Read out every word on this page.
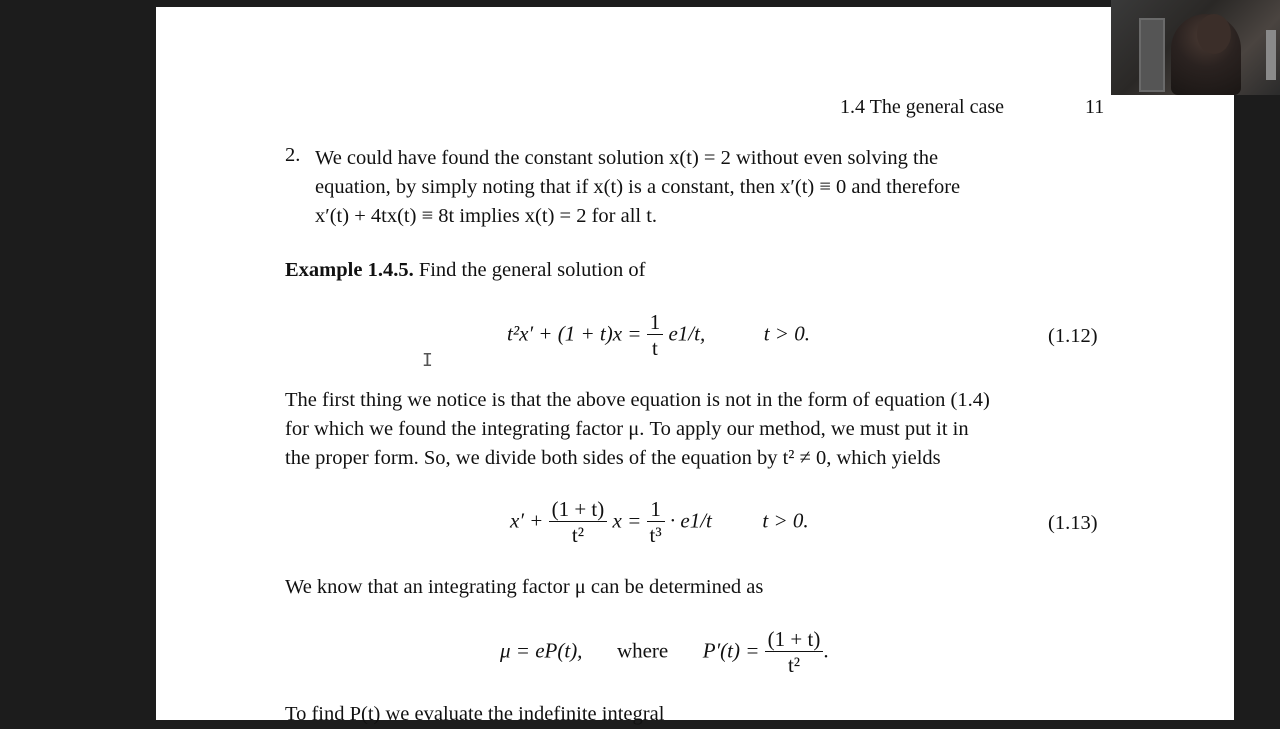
1.4 The general case	11
2. We could have found the constant solution x(t) = 2 without even solving the
equation, by simply noting that if x(t) is a constant, then x′(t) ≡ 0 and therefore
x′(t) + 4tx(t) ≡ 8t implies x(t) = 2 for all t.
Example 1.4.5. Find the general solution of
$t^2x' + (1 + t)x = \frac{1}{t} e1/t$,	t > 0.	(1.12)
I
The first thing we notice is that the above equation is not in the form of equation (1.4)
for which we found the integrating factor μ. To apply our method, we must put it in
the proper form. So, we divide both sides of the equation by t² ≠ 0, which yields
$x' + \frac{(1 + t)}{\text{t²}}$ $x = \frac{1}{\text{t³}} \cdot e1/t$ t > 0.	(1.13)
We know that an integrating factor μ can be determined as
μ = eP(t), where $P'(t) = \frac{(1 + t)}{\text{t²}}$ .
To find P(t) we evaluate the indefinite integral
